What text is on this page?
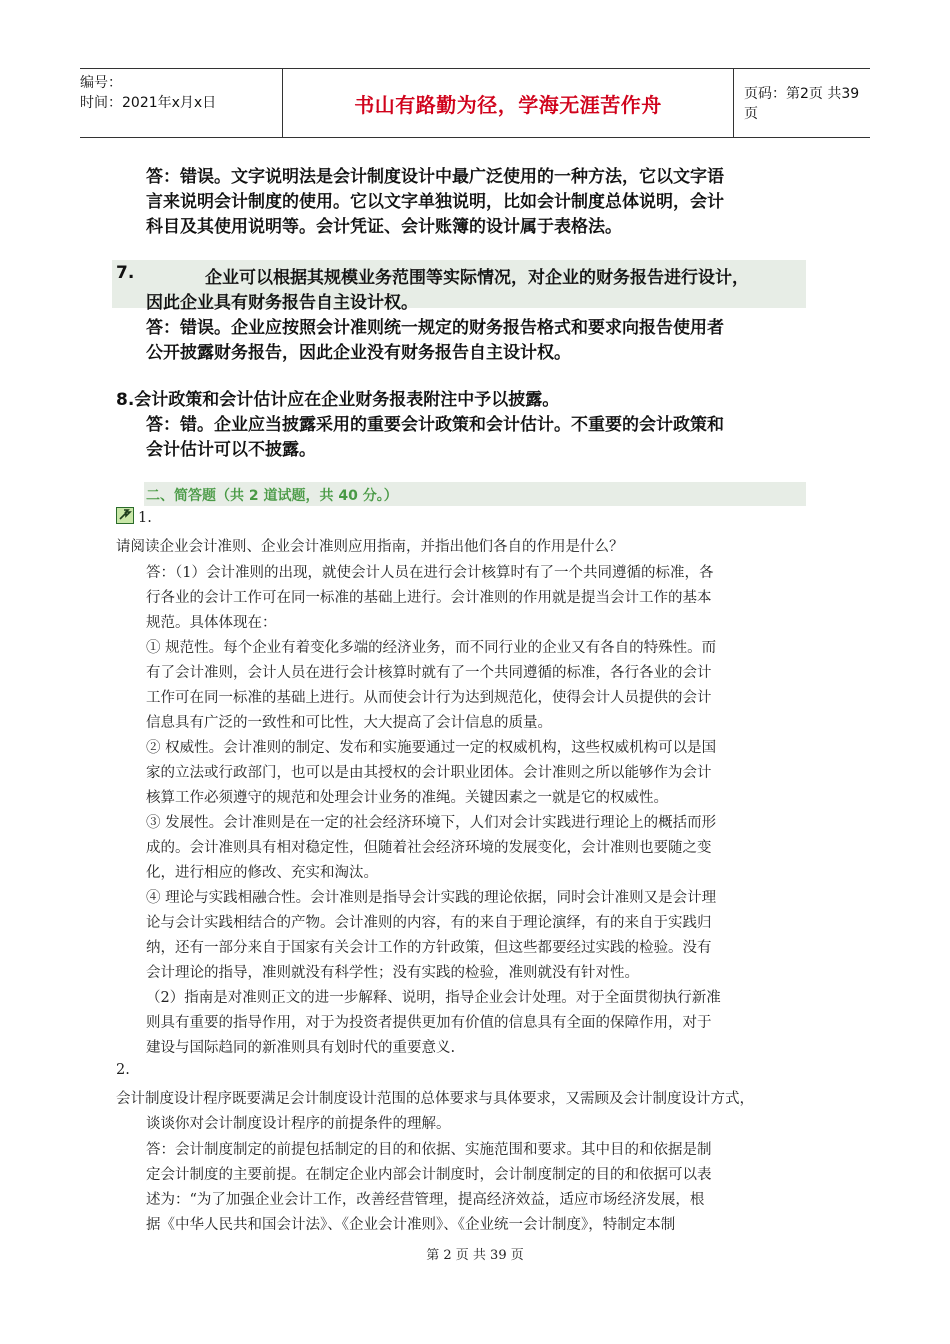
编号：
时间：2021年x月x日	书山有路勤为径，学海无涯苦作舟	页码：第2页 共39页
答：错误。文字说明法是会计制度设计中最广泛使用的一种方法，它以文字语
言来说明会计制度的使用。它以文字单独说明，比如会计制度总体说明，会计
科目及其使用说明等。会计凭证、会计账簿的设计属于表格法。
7.	企业可以根据其规模业务范围等实际情况，对企业的财务报告进行设计，
因此企业具有财务报告自主设计权。
答：错误。企业应按照会计准则统一规定的财务报告格式和要求向报告使用者
公开披露财务报告，因此企业没有财务报告自主设计权。
8.会计政策和会计估计应在企业财务报表附注中予以披露。
答：错。企业应当披露采用的重要会计政策和会计估计。不重要的会计政策和
会计估计可以不披露。
二、简答题（共 2 道试题，共 40 分。）
1.
请阅读企业会计准则、企业会计准则应用指南，并指出他们各自的作用是什么？
答：（1）会计准则的出现，就使会计人员在进行会计核算时有了一个共同遵循的标准，各
行各业的会计工作可在同一标准的基础上进行。会计准则的作用就是提当会计工作的基本
规范。具体体现在：
① 规范性。每个企业有着变化多端的经济业务，而不同行业的企业又有各自的特殊性。而
有了会计准则，会计人员在进行会计核算时就有了一个共同遵循的标准，各行各业的会计
工作可在同一标准的基础上进行。从而使会计行为达到规范化，使得会计人员提供的会计
信息具有广泛的一致性和可比性，大大提高了会计信息的质量。
② 权威性。会计准则的制定、发布和实施要通过一定的权威机构，这些权威机构可以是国
家的立法或行政部门，也可以是由其授权的会计职业团体。会计准则之所以能够作为会计
核算工作必须遵守的规范和处理会计业务的准绳。关键因素之一就是它的权威性。
③ 发展性。会计准则是在一定的社会经济环境下，人们对会计实践进行理论上的概括而形
成的。会计准则具有相对稳定性，但随着社会经济环境的发展变化，会计准则也要随之变
化，进行相应的修改、充实和淘汰。
④ 理论与实践相融合性。会计准则是指导会计实践的理论依据，同时会计准则又是会计理
论与会计实践相结合的产物。会计准则的内容，有的来自于理论演绎，有的来自于实践归
纳，还有一部分来自于国家有关会计工作的方针政策，但这些都要经过实践的检验。没有
会计理论的指导，准则就没有科学性；没有实践的检验，准则就没有针对性。
（2）指南是对准则正文的进一步解释、说明，指导企业会计处理。对于全面贯彻执行新准
则具有重要的指导作用，对于为投资者提供更加有价值的信息具有全面的保障作用，对于
建设与国际趋同的新准则具有划时代的重要意义.
2.
会计制度设计程序既要满足会计制度设计范围的总体要求与具体要求，又需顾及会计制度设计方式，
谈谈你对会计制度设计程序的前提条件的理解。
答：会计制度制定的前提包括制定的目的和依据、实施范围和要求。其中目的和依据是制
定会计制度的主要前提。在制定企业内部会计制度时，会计制度制定的目的和依据可以表
述为：“为了加强企业会计工作，改善经营管理，提高经济效益，适应市场经济发展，根
据《中华人民共和国会计法》、《企业会计准则》、《企业统一会计制度》，特制定本制
第 2 页 共 39 页
